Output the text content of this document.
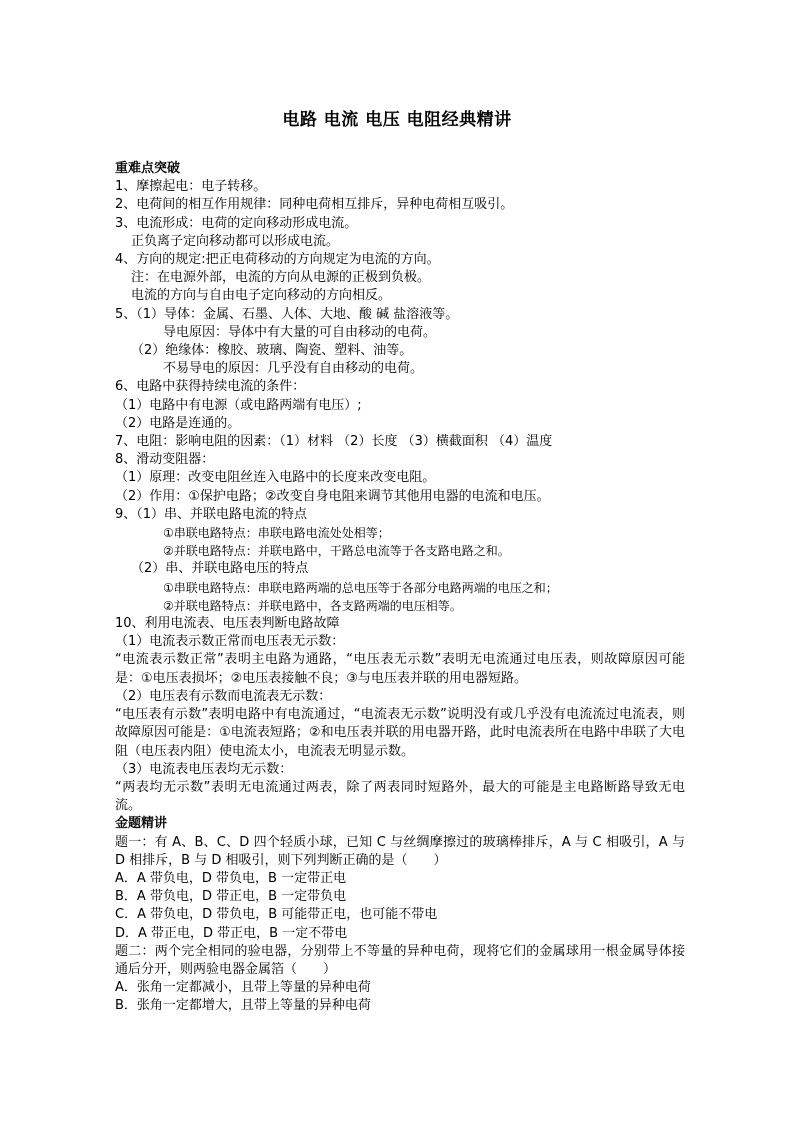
电路 电流 电压 电阻经典精讲
重难点突破
1、摩擦起电：电子转移。
2、电荷间的相互作用规律：同种电荷相互排斥，异种电荷相互吸引。
3、电流形成：电荷的定向移动形成电流。
正负离子定向移动都可以形成电流。
4、方向的规定:把正电荷移动的方向规定为电流的方向。
注：在电源外部，电流的方向从电源的正极到负极。
电流的方向与自由电子定向移动的方向相反。
5、（1）导体：金属、石墨、人体、大地、酸 碱 盐溶液等。
导电原因：导体中有大量的可自由移动的电荷。
（2）绝缘体：橡胶、玻璃、陶瓷、塑料、油等。
不易导电的原因：几乎没有自由移动的电荷。
6、电路中获得持续电流的条件：
（1）电路中有电源（或电路两端有电压）;
（2）电路是连通的。
7、电阻：影响电阻的因素：（1）材料 （2）长度 （3）横截面积 （4）温度
8、滑动变阻器：
（1）原理：改变电阻丝连入电路中的长度来改变电阻。
（2）作用：①保护电路；②改变自身电阻来调节其他用电器的电流和电压。
9、（1）串、并联电路电流的特点
①串联电路特点：串联电路电流处处相等；
②并联电路特点：并联电路中，干路总电流等于各支路电路之和。
（2）串、并联电路电压的特点
①串联电路特点：串联电路两端的总电压等于各部分电路两端的电压之和；
②并联电路特点：并联电路中，各支路两端的电压相等。
10、利用电流表、电压表判断电路故障
（1）电流表示数正常而电压表无示数：
“电流表示数正常”表明主电路为通路，“电压表无示数”表明无电流通过电压表，则故障原因可能是：①电压表损坏；②电压表接触不良；③与电压表并联的用电器短路。
（2）电压表有示数而电流表无示数：
“电压表有示数”表明电路中有电流通过，“电流表无示数”说明没有或几乎没有电流流过电流表，则故障原因可能是：①电流表短路；②和电压表并联的用电器开路，此时电流表所在电路中串联了大电阻（电压表内阻）使电流太小，电流表无明显示数。
（3）电流表电压表均无示数：
“两表均无示数”表明无电流通过两表，除了两表同时短路外，最大的可能是主电路断路导致无电流。
金题精讲
题一：有 A、B、C、D 四个轻质小球，已知 C 与丝绸摩擦过的玻璃棒排斥，A 与 C 相吸引，A 与 D 相排斥，B 与 D 相吸引，则下列判断正确的是（　　）
A．A 带负电，D 带负电，B 一定带正电
B．A 带负电，D 带正电，B 一定带负电
C．A 带负电，D 带负电，B 可能带正电，也可能不带电
D．A 带正电，D 带正电，B 一定不带电
题二：两个完全相同的验电器，分别带上不等量的异种电荷，现将它们的金属球用一根金属导体接通后分开，则两验电器金属箔（　　）
A．张角一定都减小，且带上等量的异种电荷
B．张角一定都增大，且带上等量的异种电荷
